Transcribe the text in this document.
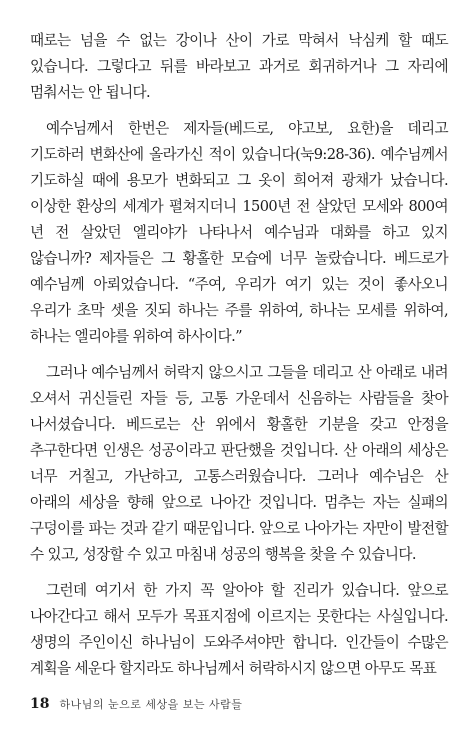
때로는 넘을 수 없는 강이나 산이 가로 막혀서 낙심케 할 때도 있습니다. 그렇다고 뒤를 바라보고 과거로 회귀하거나 그 자리에 멈춰서는 안 됩니다.

예수님께서 한번은 제자들(베드로, 야고보, 요한)을 데리고 기도하러 변화산에 올라가신 적이 있습니다(눅9:28-36). 예수님께서 기도하실 때에 용모가 변화되고 그 옷이 희어져 광채가 났습니다. 이상한 환상의 세계가 펼쳐지더니 1500년 전 살았던 모세와 800여 년 전 살았던 엘리야가 나타나서 예수님과 대화를 하고 있지 않습니까? 제자들은 그 황홀한 모습에 너무 놀랐습니다. 베드로가 예수님께 아뢰었습니다. “주여, 우리가 여기 있는 것이 좋사오니 우리가 초막 셋을 짓되 하나는 주를 위하여, 하나는 모세를 위하여, 하나는 엘리야를 위하여 하사이다.”

그러나 예수님께서 허락지 않으시고 그들을 데리고 산 아래로 내려 오셔서 귀신들린 자들 등, 고통 가운데서 신음하는 사람들을 찾아 나서셨습니다. 베드로는 산 위에서 황홀한 기분을 갖고 안정을 추구한다면 인생은 성공이라고 판단했을 것입니다. 산 아래의 세상은 너무 거칠고, 가난하고, 고통스러웠습니다. 그러나 예수님은 산 아래의 세상을 향해 앞으로 나아간 것입니다. 멈추는 자는 실패의 구덩이를 파는 것과 같기 때문입니다. 앞으로 나아가는 자만이 발전할 수 있고, 성장할 수 있고 마침내 성공의 행복을 찾을 수 있습니다.

그런데 여기서 한 가지 꼭 알아야 할 진리가 있습니다. 앞으로 나아간다고 해서 모두가 목표지점에 이르지는 못한다는 사실입니다. 생명의 주인이신 하나님이 도와주셔야만 합니다. 인간들이 수많은 계획을 세운다 할지라도 하나님께서 허락하시지 않으면 아무도 목표

18 하나님의 눈으로 세상을 보는 사람들
